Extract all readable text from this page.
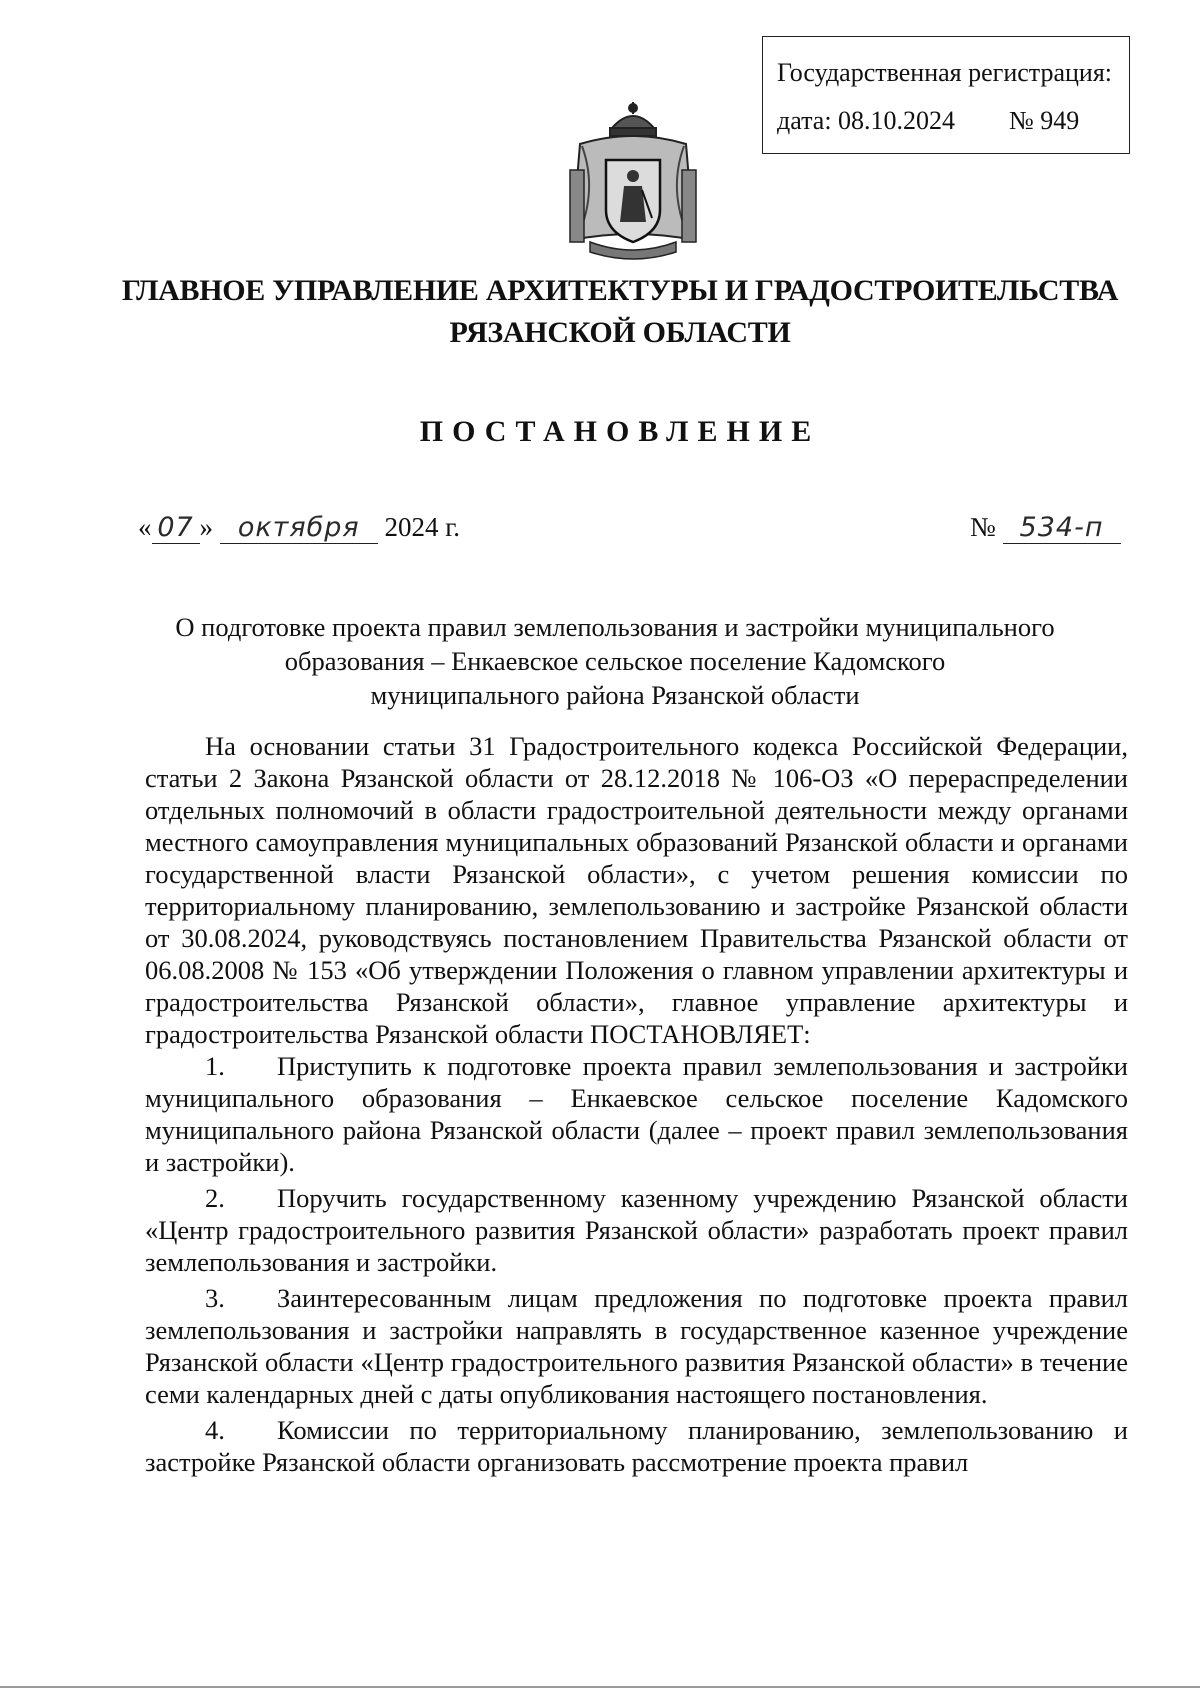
Государственная регистрация:
дата: 08.10.2024 № 949
ГЛАВНОЕ УПРАВЛЕНИЕ АРХИТЕКТУРЫ И ГРАДОСТРОИТЕЛЬСТВА
РЯЗАНСКОЙ ОБЛАСТИ
ПОСТАНОВЛЕНИЕ
« 07 » октября 2024 г.	№ 534-п
О подготовке проекта правил землепользования и застройки муниципального
образования – Енкаевское сельское поселение Кадомского
муниципального района Рязанской области

На основании статьи 31 Градостроительного кодекса Российской Федерации, статьи 2 Закона Рязанской области от 28.12.2018 № 106-ОЗ «О перераспределении отдельных полномочий в области градостроительной деятельности между органами местного самоуправления муниципальных образований Рязанской области и органами государственной власти Рязанской области», с учетом решения комиссии по территориальному планированию, землепользованию и застройке Рязанской области от 30.08.2024, руководствуясь постановлением Правительства Рязанской области от 06.08.2008 № 153 «Об утверждении Положения о главном управлении архитектуры и градостроительства Рязанской области», главное управление архитектуры и градостроительства Рязанской области ПОСТАНОВЛЯЕТ:

1. Приступить к подготовке проекта правил землепользования и застройки муниципального образования – Енкаевское сельское поселение Кадомского муниципального района Рязанской области (далее – проект правил землепользования и застройки).

2. Поручить государственному казенному учреждению Рязанской области «Центр градостроительного развития Рязанской области» разработать проект правил землепользования и застройки.

3. Заинтересованным лицам предложения по подготовке проекта правил землепользования и застройки направлять в государственное казенное учреждение Рязанской области «Центр градостроительного развития Рязанской области» в течение семи календарных дней с даты опубликования настоящего постановления.

4. Комиссии по территориальному планированию, землепользованию и застройке Рязанской области организовать рассмотрение проекта правил
